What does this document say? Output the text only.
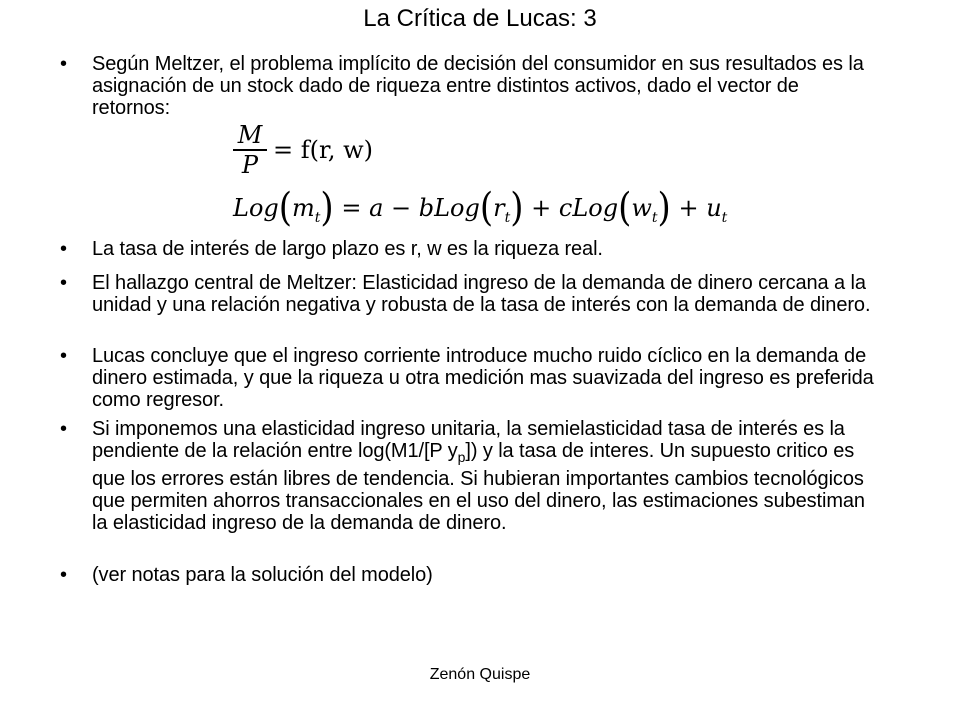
La Crítica de Lucas: 3
• Según Meltzer, el problema implícito de decisión del consumidor en sus resultados es la asignación de un stock dado de riqueza entre distintos activos, dado el vector de retornos:
M
P
= f(r, w)
$Log(m_t) = a$ − $bLog(r_t)$ + $cLog(w_t) + u_t$
• La tasa de interés de largo plazo es r, w es la riqueza real.
• El hallazgo central de Meltzer: Elasticidad ingreso de la demanda de dinero cercana a la unidad y una relación negativa y robusta de la tasa de interés con la demanda de dinero.
• Lucas concluye que el ingreso corriente introduce mucho ruido cíclico en la demanda de dinero estimada, y que la riqueza u otra medición mas suavizada del ingreso es preferida como regresor.
• Si imponemos una elasticidad ingreso unitaria, la semielasticidad tasa de interés es la pendiente de la relación entre log(M1/[P $y_p$]) y la tasa de interes. Un supuesto critico es que los errores están libres de tendencia. Si hubieran importantes cambios tecnológicos que permiten ahorros transaccionales en el uso del dinero, las estimaciones subestiman la elasticidad ingreso de la demanda de dinero.
• (ver notas para la solución del modelo)
Zenón Quispe
